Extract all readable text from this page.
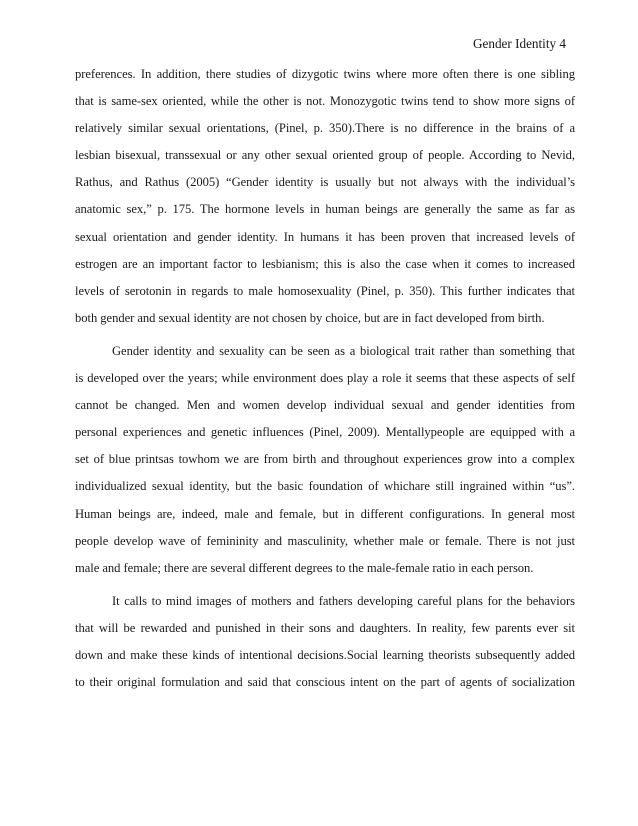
Gender Identity 4
preferences. In addition, there studies of dizygotic twins where more often there is one sibling
that is same-sex oriented, while the other is not. Monozygotic twins tend to show more signs of
relatively similar sexual orientations, (Pinel, p. 350).There is no difference in the brains of a
lesbian bisexual, transsexual or any other sexual oriented group of people. According to Nevid,
Rathus, and Rathus (2005) “Gender identity is usually but not always with the individual’s
anatomic sex,” p. 175. The hormone levels in human beings are generally the same as far as
sexual orientation and gender identity. In humans it has been proven that increased levels of
estrogen are an important factor to lesbianism; this is also the case when it comes to increased
levels of serotonin in regards to male homosexuality (Pinel, p. 350). This further indicates that
both gender and sexual identity are not chosen by choice, but are in fact developed from birth.
Gender identity and sexuality can be seen as a biological trait rather than something that
is developed over the years; while environment does play a role it seems that these aspects of self
cannot be changed. Men and women develop individual sexual and gender identities from
personal experiences and genetic influences (Pinel, 2009). Mentallypeople are equipped with a
set of blue printsas towhom we are from birth and throughout experiences grow into a complex
individualized sexual identity, but the basic foundation of whichare still ingrained within “us”.
Human beings are, indeed, male and female, but in different configurations. In general most
people develop wave of femininity and masculinity, whether male or female. There is not just
male and female; there are several different degrees to the male-female ratio in each person.
It calls to mind images of mothers and fathers developing careful plans for the behaviors
that will be rewarded and punished in their sons and daughters. In reality, few parents ever sit
down and make these kinds of intentional decisions.Social learning theorists subsequently added
to their original formulation and said that conscious intent on the part of agents of socialization
